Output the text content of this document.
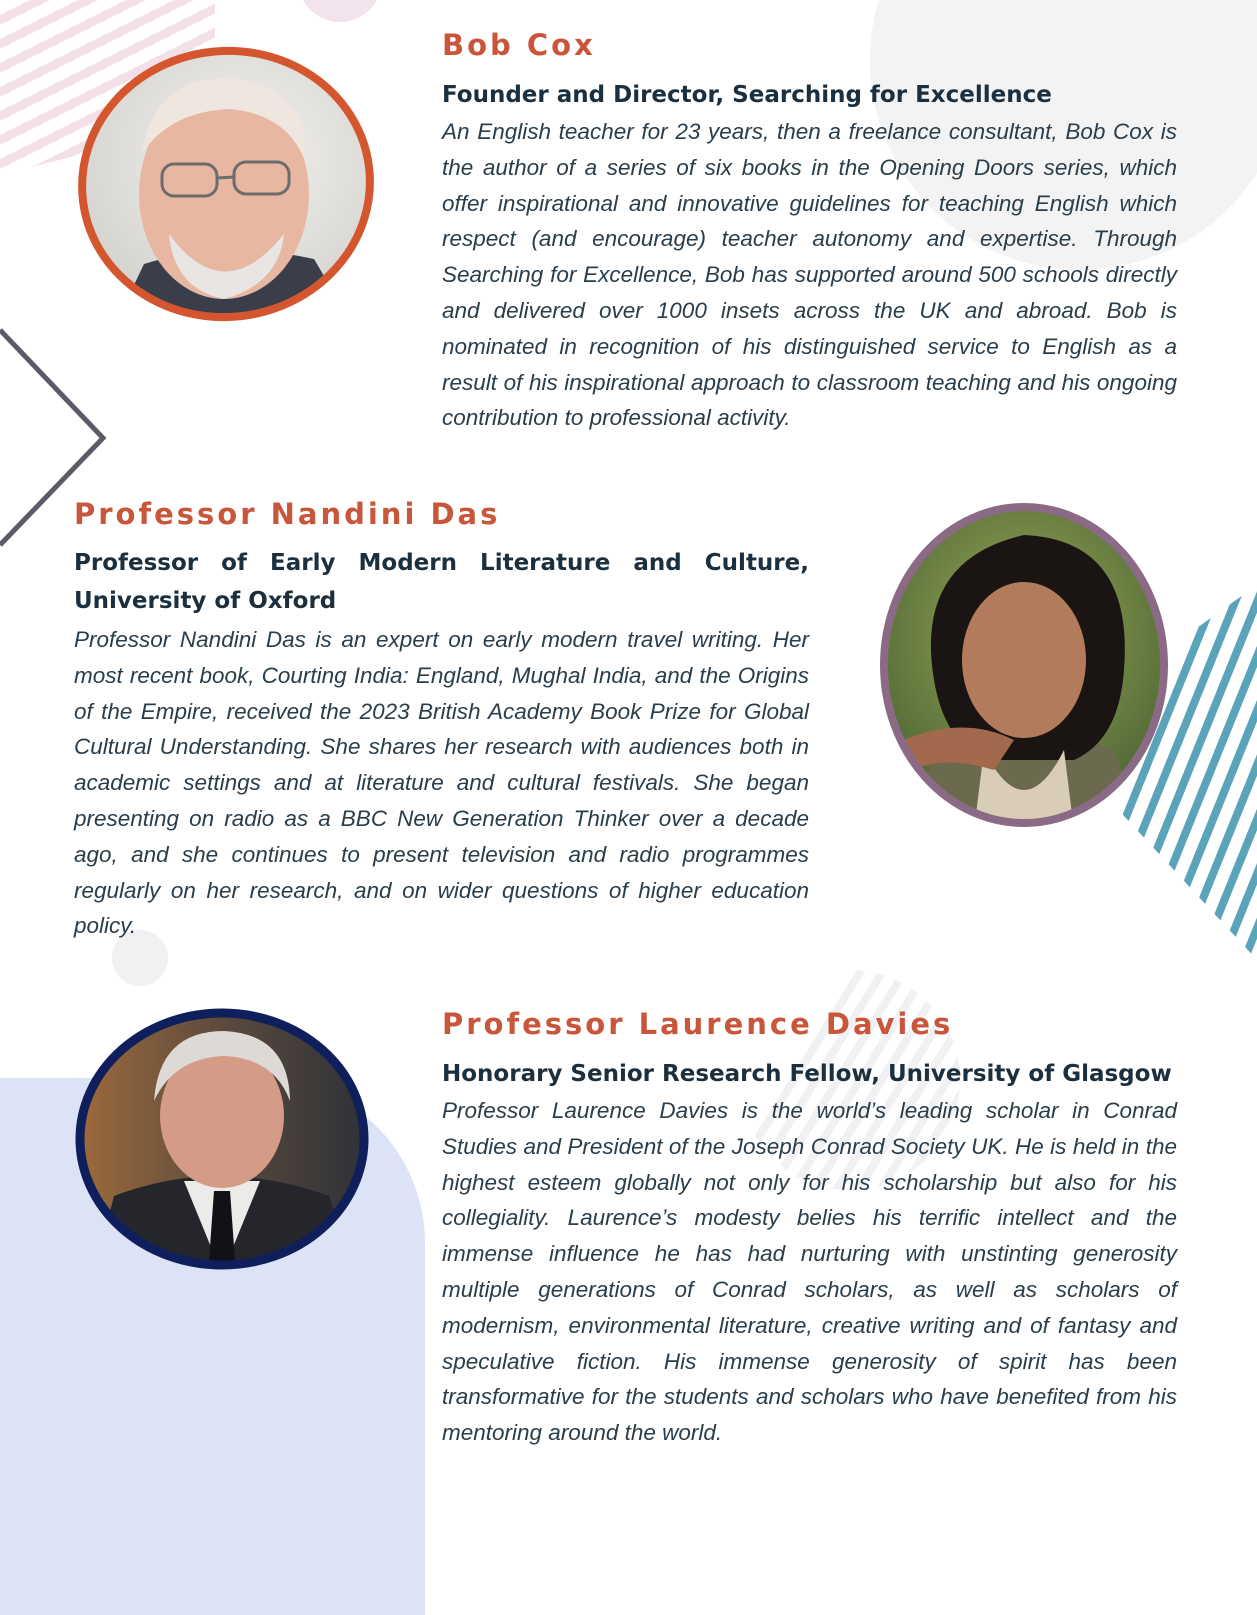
Bob Cox
Founder and Director, Searching for Excellence

An English teacher for 23 years, then a freelance consultant, Bob Cox is the author of a series of six books in the Opening Doors series, which offer inspirational and innovative guidelines for teaching English which respect (and encourage) teacher autonomy and expertise. Through Searching for Excellence, Bob has supported around 500 schools directly and delivered over 1000 insets across the UK and abroad. Bob is nominated in recognition of his distinguished service to English as a result of his inspirational approach to classroom teaching and his ongoing contribution to professional activity.

Professor Nandini Das
Professor of Early Modern Literature and Culture, University of Oxford

Professor Nandini Das is an expert on early modern travel writing. Her most recent book, Courting India: England, Mughal India, and the Origins of the Empire, received the 2023 British Academy Book Prize for Global Cultural Understanding. She shares her research with audiences both in academic settings and at literature and cultural festivals. She began presenting on radio as a BBC New Generation Thinker over a decade ago, and she continues to present television and radio programmes regularly on her research, and on wider questions of higher education policy.

Professor Laurence Davies
Honorary Senior Research Fellow, University of Glasgow

Professor Laurence Davies is the world’s leading scholar in Conrad Studies and President of the Joseph Conrad Society UK. He is held in the highest esteem globally not only for his scholarship but also for his collegiality. Laurence’s modesty belies his terrific intellect and the immense influence he has had nurturing with unstinting generosity multiple generations of Conrad scholars, as well as scholars of modernism, environmental literature, creative writing and of fantasy and speculative fiction. His immense generosity of spirit has been transformative for the students and scholars who have benefited from his mentoring around the world.
